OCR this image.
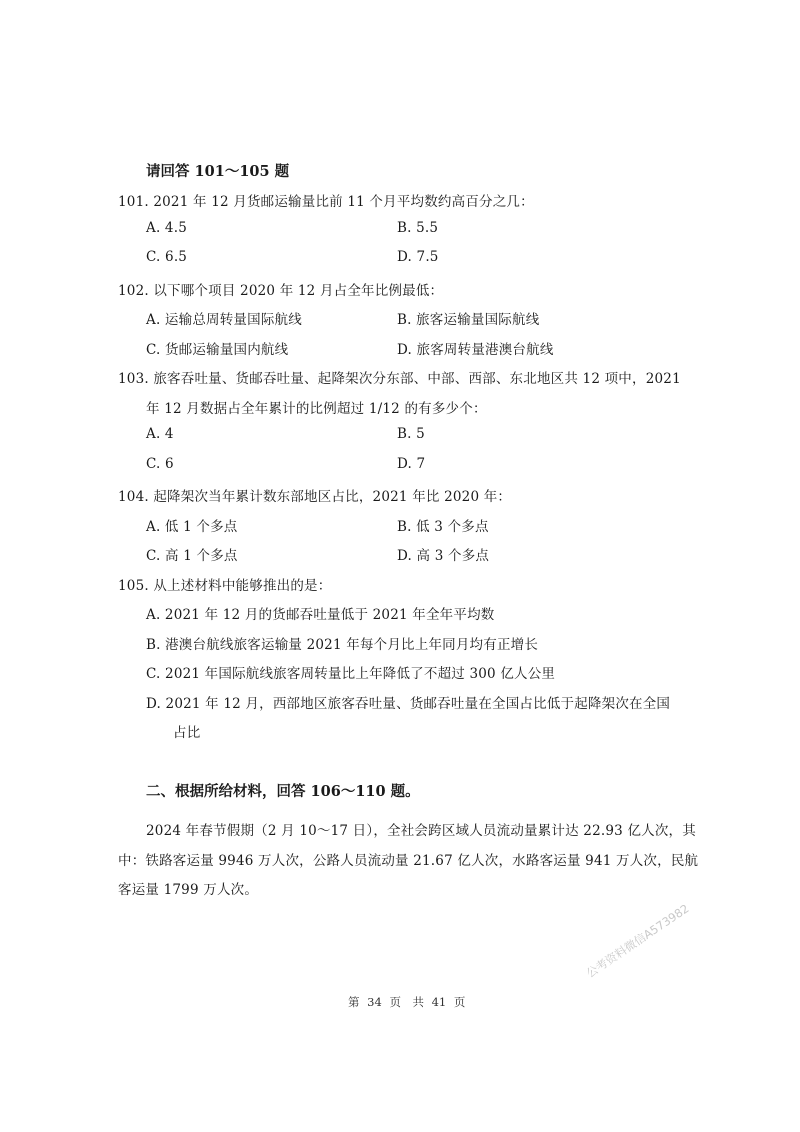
请回答 101～105 题
101. 2021 年 12 月货邮运输量比前 11 个月平均数约高百分之几：
A. 4.5	B. 5.5
C. 6.5	D. 7.5
102. 以下哪个项目 2020 年 12 月占全年比例最低：
A. 运输总周转量国际航线	B. 旅客运输量国际航线
C. 货邮运输量国内航线	D. 旅客周转量港澳台航线
103. 旅客吞吐量、货邮吞吐量、起降架次分东部、中部、西部、东北地区共 12 项中，2021
年 12 月数据占全年累计的比例超过 1/12 的有多少个：
A. 4	B. 5
C. 6	D. 7
104. 起降架次当年累计数东部地区占比，2021 年比 2020 年：
A. 低 1 个多点	B. 低 3 个多点
C. 高 1 个多点	D. 高 3 个多点
105. 从上述材料中能够推出的是：
A. 2021 年 12 月的货邮吞吐量低于 2021 年全年平均数
B. 港澳台航线旅客运输量 2021 年每个月比上年同月均有正增长
C. 2021 年国际航线旅客周转量比上年降低了不超过 300 亿人公里
D. 2021 年 12 月，西部地区旅客吞吐量、货邮吞吐量在全国占比低于起降架次在全国
占比
二、根据所给材料，回答 106～110 题。
2024 年春节假期（2 月 10～17 日），全社会跨区域人员流动量累计达 22.93 亿人次，其
中：铁路客运量 9946 万人次，公路人员流动量 21.67 亿人次，水路客运量 941 万人次，民航
客运量 1799 万人次。
公考资料微信A573982
第 34 页　共 41 页
